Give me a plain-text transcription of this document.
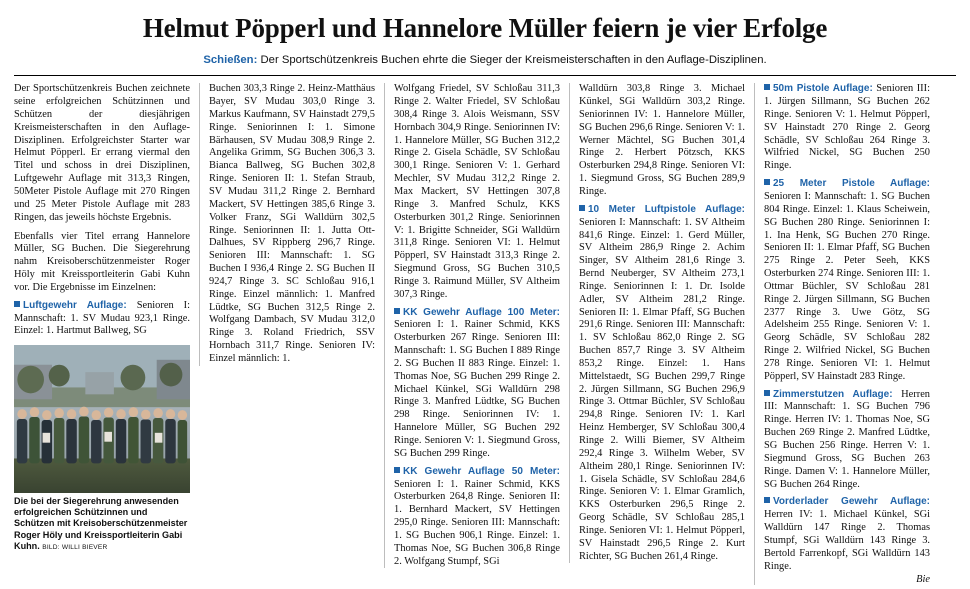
Helmut Pöpperl und Hannelore Müller feiern je vier Erfolge
Schießen: Der Sportschützenkreis Buchen ehrte die Sieger der Kreismeisterschaften in den Auflage-Disziplinen.

Der Sportschützenkreis Buchen zeichnete seine erfolgreichen Schützinnen und Schützen der diesjährigen Kreismeisterschaften in den Auflage-Disziplinen. Erfolgreichster Starter war Helmut Pöpperl. Er errang viermal den Titel und schoss in drei Disziplinen, Luftgewehr Auflage mit 313,3 Ringen, 50Meter Pistole Auflage mit 270 Ringen und 25 Meter Pistole Auflage mit 283 Ringen, das jeweils höchste Ergebnis.

Ebenfalls vier Titel errang Hannelore Müller, SG Buchen. Die Siegerehrung nahm Kreisoberschützenmeister Roger Höly mit Kreissportleiterin Gabi Kuhn vor. Die Ergebnisse im Einzelnen:

Luftgewehr Auflage: Senioren I: Mannschaft: 1. SV Mudau 923,1 Ringe. Einzel: 1. Hartmut Ballweg, SG

Die bei der Siegerehrung anwesenden erfolgreichen Schützinnen und Schützen mit Kreisoberschützenmeister Roger Höly und Kreissportleiterin Gabi Kuhn. BILD: WILLI BIEVER

Buchen 303,3 Ringe 2. Heinz-Matthäus Bayer, SV Mudau 303,0 Ringe 3. Markus Kaufmann, SV Hainstadt 279,5 Ringe. Seniorinnen I: 1. Simone Bärhausen, SV Mudau 308,9 Ringe 2. Angelika Grimm, SG Buchen 306,3 3. Bianca Ballweg, SG Buchen 302,8 Ringe. Senioren II: 1. Stefan Straub, SV Mudau 311,2 Ringe 2. Bernhard Mackert, SV Hettingen 385,6 Ringe 3. Volker Franz, SGi Walldürn 302,5 Ringe. Seniorinnen II: 1. Jutta Ott-Dalhues, SV Rippberg 296,7 Ringe. Senioren III: Mannschaft: 1. SG Buchen I 936,4 Ringe 2. SG Buchen II 924,7 Ringe 3. SC Schloßau 916,1 Ringe. Einzel männlich: 1. Manfred Lüdtke, SG Buchen 312,5 Ringe 2. Wolfgang Dambach, SV Mudau 312,0 Ringe 3. Roland Friedrich, SSV Hornbach 311,7 Ringe. Senioren IV: Einzel männlich: 1.

Wolfgang Friedel, SV Schloßau 311,3 Ringe 2. Walter Friedel, SV Schloßau 308,4 Ringe 3. Alois Weismann, SSV Hornbach 304,9 Ringe. Seniorinnen IV: 1. Hannelore Müller, SG Buchen 312,2 Ringe 2. Gisela Schädle, SV Schloßau 300,1 Ringe. Senioren V: 1. Gerhard Mechler, SV Mudau 312,2 Ringe 2. Max Mackert, SV Hettingen 307,8 Ringe 3. Manfred Schulz, KKS Osterburken 301,2 Ringe. Seniorinnen V: 1. Brigitte Schneider, SGi Walldürn 311,8 Ringe. Senioren VI: 1. Helmut Pöpperl, SV Hainstadt 313,3 Ringe 2. Siegmund Gross, SG Buchen 310,5 Ringe 3. Raimund Müller, SV Altheim 307,3 Ringe.

KK Gewehr Auflage 100 Meter: Senioren I: 1. Rainer Schmid, KKS Osterburken 267 Ringe. Senioren III: Mannschaft: 1. SG Buchen I 889 Ringe 2. SG Buchen II 883 Ringe. Einzel: 1. Thomas Noe, SG Buchen 299 Ringe 2. Michael Künkel, SGi Walldürn 298 Ringe 3. Manfred Lüdtke, SG Buchen 298 Ringe. Seniorinnen IV: 1. Hannelore Müller, SG Buchen 292 Ringe. Senioren V: 1. Siegmund Gross, SG Buchen 299 Ringe.

KK Gewehr Auflage 50 Meter: Senioren I: 1. Rainer Schmid, KKS Osterburken 264,8 Ringe. Senioren II: 1. Bernhard Mackert, SV Hettingen 295,0 Ringe. Senioren III: Mannschaft: 1. SG Buchen 906,1 Ringe. Einzel: 1. Thomas Noe, SG Buchen 306,8 Ringe 2. Wolfgang Stumpf, SGi

Walldürn 303,8 Ringe 3. Michael Künkel, SGi Walldürn 303,2 Ringe. Seniorinnen IV: 1. Hannelore Müller, SG Buchen 296,6 Ringe. Senioren V: 1. Werner Mächtel, SG Buchen 301,4 Ringe 2. Herbert Pötzsch, KKS Osterburken 294,8 Ringe. Senioren VI: 1. Siegmund Gross, SG Buchen 289,9 Ringe.

10 Meter Luftpistole Auflage: Senioren I: Mannschaft: 1. SV Altheim 841,6 Ringe. Einzel: 1. Gerd Müller, SV Altheim 286,9 Ringe 2. Achim Singer, SV Altheim 281,6 Ringe 3. Bernd Neuberger, SV Altheim 273,1 Ringe. Seniorinnen I: 1. Dr. Isolde Adler, SV Altheim 281,2 Ringe. Senioren II: 1. Elmar Pfaff, SG Buchen 291,6 Ringe. Senioren III: Mannschaft: 1. SV Schloßau 862,0 Ringe 2. SG Buchen 857,7 Ringe 3. SV Altheim 853,2 Ringe. Einzel: 1. Hans Mittelstaedt, SG Buchen 299,7 Ringe 2. Jürgen Sillmann, SG Buchen 296,9 Ringe 3. Ottmar Büchler, SV Schloßau 294,8 Ringe. Senioren IV: 1. Karl Heinz Hemberger, SV Schloßau 300,4 Ringe 2. Willi Biemer, SV Altheim 292,4 Ringe 3. Wilhelm Weber, SV Altheim 280,1 Ringe. Seniorinnen IV: 1. Gisela Schädle, SV Schloßau 284,6 Ringe. Senioren V: 1. Elmar Gramlich, KKS Osterburken 296,5 Ringe 2. Georg Schädle, SV Schloßau 285,1 Ringe. Senioren VI: 1. Helmut Pöpperl, SV Hainstadt 296,5 Ringe 2. Kurt Richter, SG Buchen 261,4 Ringe.

50m Pistole Auflage: Senioren III: 1. Jürgen Sillmann, SG Buchen 262 Ringe. Senioren V: 1. Helmut Pöpperl, SV Hainstadt 270 Ringe 2. Georg Schädle, SV Schloßau 264 Ringe 3. Wilfried Nickel, SG Buchen 250 Ringe.

25 Meter Pistole Auflage: Senioren I: Mannschaft: 1. SG Buchen 804 Ringe. Einzel: 1. Klaus Scheiwein, SG Buchen 280 Ringe. Seniorinnen I: 1. Ina Henk, SG Buchen 270 Ringe. Senioren II: 1. Elmar Pfaff, SG Buchen 275 Ringe 2. Peter Seeh, KKS Osterburken 274 Ringe. Senioren III: 1. Ottmar Büchler, SV Schloßau 281 Ringe 2. Jürgen Sillmann, SG Buchen 2377 Ringe 3. Uwe Götz, SG Adelsheim 255 Ringe. Senioren V: 1. Georg Schädle, SV Schloßau 282 Ringe 2. Wilfried Nickel, SG Buchen 278 Ringe. Senioren VI: 1. Helmut Pöpperl, SV Hainstadt 283 Ringe.

Zimmerstutzen Auflage: Herren III: Mannschaft: 1. SG Buchen 796 Ringe. Herren IV: 1. Thomas Noe, SG Buchen 269 Ringe 2. Manfred Lüdtke, SG Buchen 256 Ringe. Herren V: 1. Siegmund Gross, SG Buchen 263 Ringe. Damen V: 1. Hannelore Müller, SG Buchen 264 Ringe.

Vorderlader Gewehr Auflage: Herren IV: 1. Michael Künkel, SGi Walldürn 147 Ringe 2. Thomas Stumpf, SGi Walldürn 143 Ringe 3. Bertold Farrenkopf, SGi Walldürn 143 Ringe.

Bie
